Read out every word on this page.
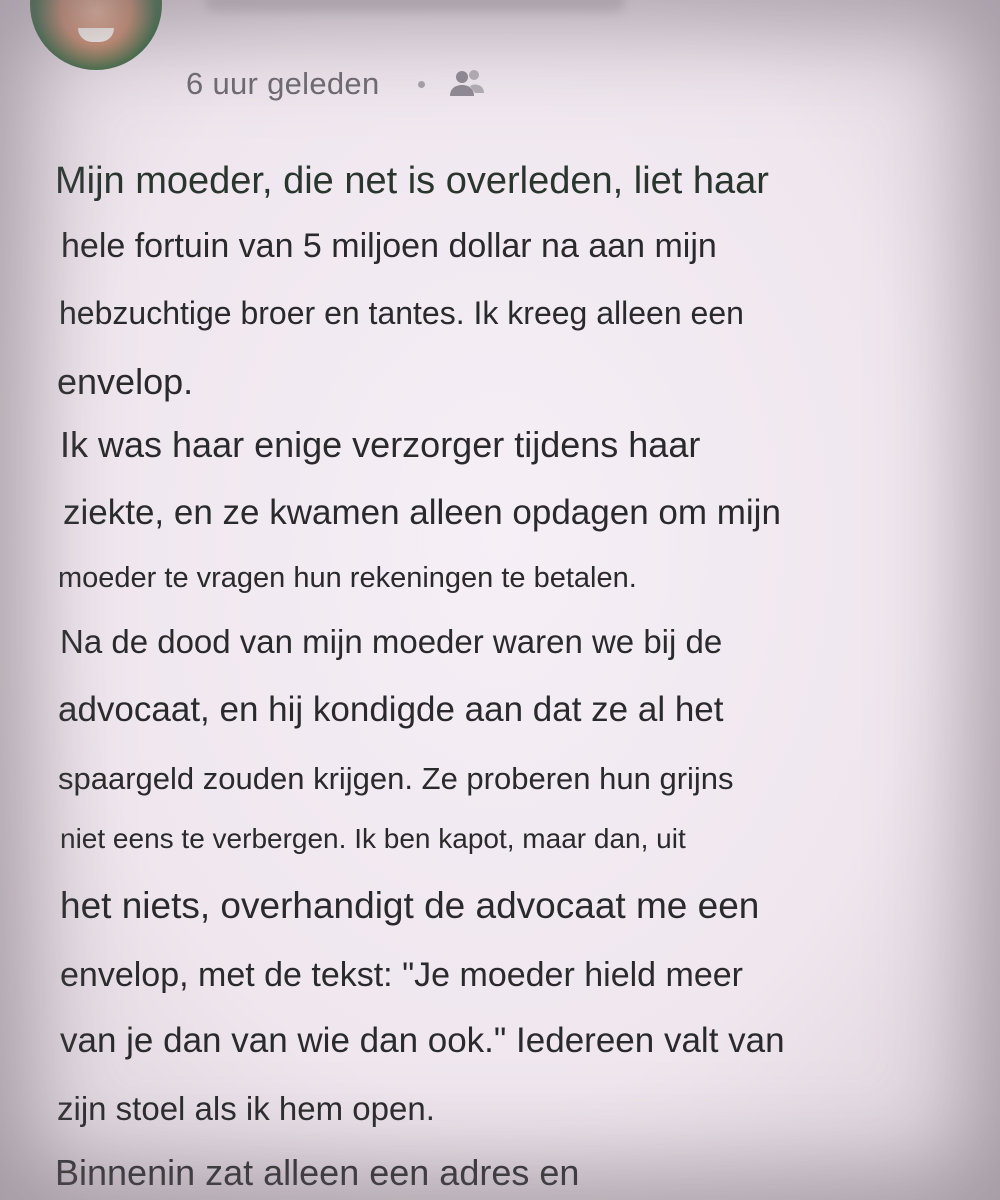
6 uur geleden
Mijn moeder, die net is overleden, liet haar
hele fortuin van 5 miljoen dollar na aan mijn
hebzuchtige broer en tantes. Ik kreeg alleen een
envelop.
Ik was haar enige verzorger tijdens haar
ziekte, en ze kwamen alleen opdagen om mijn
moeder te vragen hun rekeningen te betalen.
Na de dood van mijn moeder waren we bij de
advocaat, en hij kondigde aan dat ze al het
spaargeld zouden krijgen. Ze proberen hun grijns
niet eens te verbergen. Ik ben kapot, maar dan, uit
het niets, overhandigt de advocaat me een
envelop, met de tekst: "Je moeder hield meer
van je dan van wie dan ook." Iedereen valt van
zijn stoel als ik hem open.
Binnenin zat alleen een adres en
